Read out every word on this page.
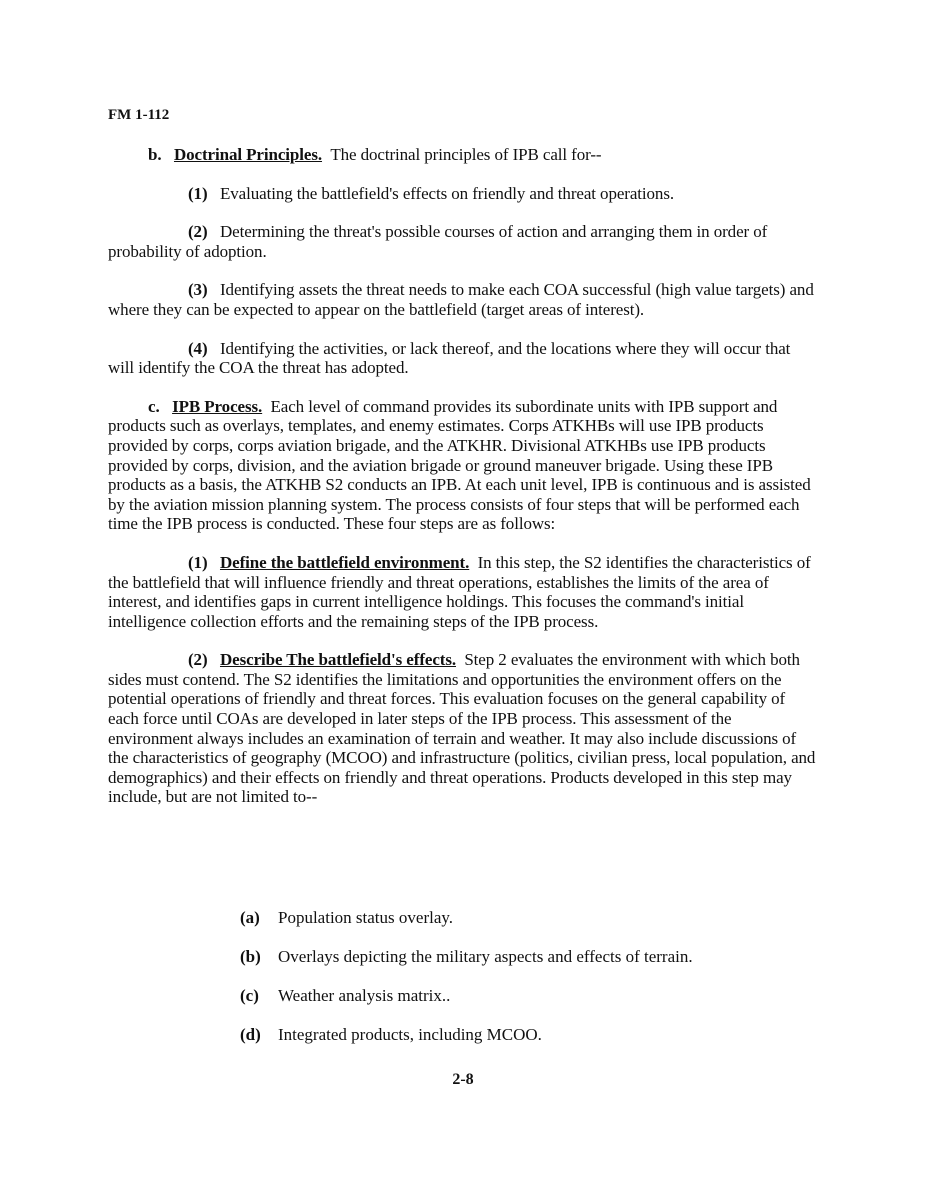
FM 1-112

b. Doctrinal Principles. The doctrinal principles of IPB call for--

(1) Evaluating the battlefield's effects on friendly and threat operations.

(2) Determining the threat's possible courses of action and arranging them in order of probability of adoption.

(3) Identifying assets the threat needs to make each COA successful (high value targets) and where they can be expected to appear on the battlefield (target areas of interest).

(4) Identifying the activities, or lack thereof, and the locations where they will occur that will identify the COA the threat has adopted.

c. IPB Process. Each level of command provides its subordinate units with IPB support and products such as overlays, templates, and enemy estimates. Corps ATKHBs will use IPB products provided by corps, corps aviation brigade, and the ATKHR. Divisional ATKHBs use IPB products provided by corps, division, and the aviation brigade or ground maneuver brigade. Using these IPB products as a basis, the ATKHB S2 conducts an IPB. At each unit level, IPB is continuous and is assisted by the aviation mission planning system. The process consists of four steps that will be performed each time the IPB process is conducted. These four steps are as follows:

(1) Define the battlefield environment. In this step, the S2 identifies the characteristics of the battlefield that will influence friendly and threat operations, establishes the limits of the area of interest, and identifies gaps in current intelligence holdings. This focuses the command's initial intelligence collection efforts and the remaining steps of the IPB process.

(2) Describe The battlefield's effects. Step 2 evaluates the environment with which both sides must contend. The S2 identifies the limitations and opportunities the environment offers on the potential operations of friendly and threat forces. This evaluation focuses on the general capability of each force until COAs are developed in later steps of the IPB process. This assessment of the environment always includes an examination of terrain and weather. It may also include discussions of the characteristics of geography (MCOO) and infrastructure (politics, civilian press, local population, and demographics) and their effects on friendly and threat operations. Products developed in this step may include, but are not limited to--

(a) Population status overlay.
(b) Overlays depicting the military aspects and effects of terrain.
(c) Weather analysis matrix..
(d) Integrated products, including MCOO.
2-8
